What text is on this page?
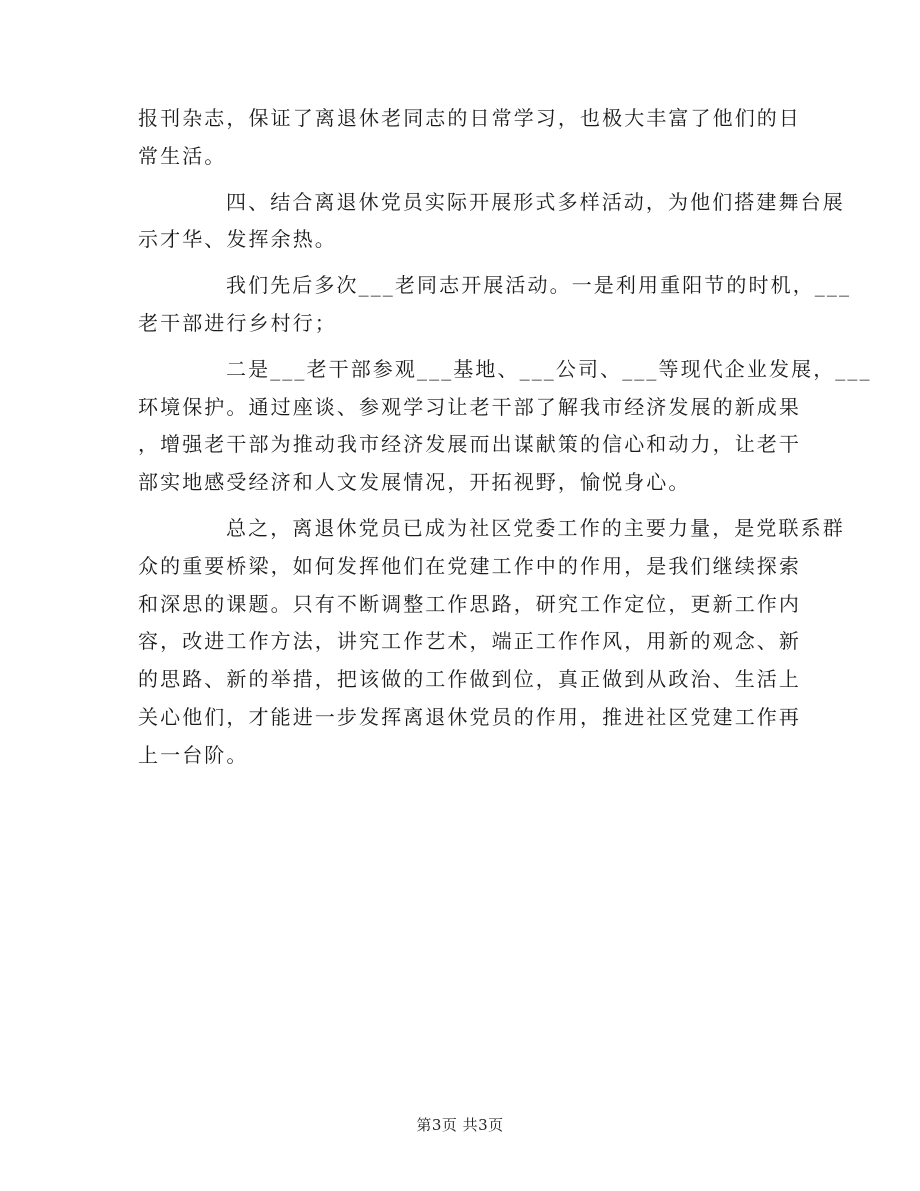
报刊杂志，保证了离退休老同志的日常学习，也极大丰富了他们的日
常生活。

四、结合离退休党员实际开展形式多样活动，为他们搭建舞台展
示才华、发挥余热。

我们先后多次___老同志开展活动。一是利用重阳节的时机，___
老干部进行乡村行；

二是___老干部参观___基地、___公司、___等现代企业发展，___
环境保护。通过座谈、参观学习让老干部了解我市经济发展的新成果
，增强老干部为推动我市经济发展而出谋献策的信心和动力，让老干
部实地感受经济和人文发展情况，开拓视野，愉悦身心。

总之，离退休党员已成为社区党委工作的主要力量，是党联系群
众的重要桥梁，如何发挥他们在党建工作中的作用，是我们继续探索
和深思的课题。只有不断调整工作思路，研究工作定位，更新工作内
容，改进工作方法，讲究工作艺术，端正工作作风，用新的观念、新
的思路、新的举措，把该做的工作做到位，真正做到从政治、生活上
关心他们，才能进一步发挥离退休党员的作用，推进社区党建工作再
上一台阶。

第3页 共3页
